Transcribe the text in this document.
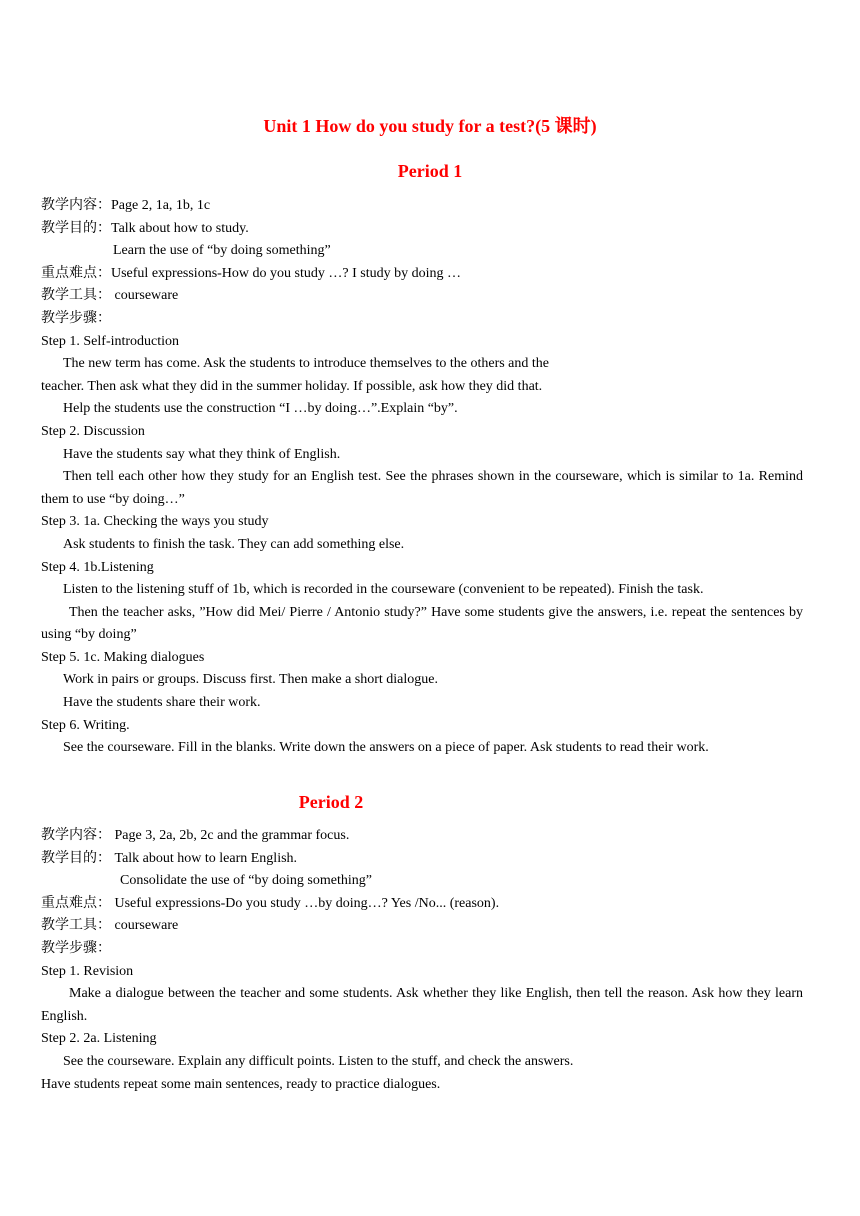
Unit 1 How do you study for a test?(5 课时)
Period 1

教学内容：Page 2, 1a, 1b, 1c

教学目的：Talk about how to study.

Learn the use of “by doing something”

重点难点：Useful expressions-How do you study …? I study by doing …

教学工具： courseware

教学步骤：

Step 1. Self-introduction

The new term has come. Ask the students to introduce themselves to the others and the

teacher. Then ask what they did in the summer holiday. If possible, ask how they did that.

Help the students use the construction “I …by doing…”.Explain “by”.

Step 2. Discussion

Have the students say what they think of English.

Then tell each other how they study for an English test. See the phrases shown in the courseware, which is similar to 1a. Remind them to use “by doing…”

Step 3. 1a. Checking the ways you study

Ask students to finish the task. They can add something else.

Step 4. 1b.Listening

Listen to the listening stuff of 1b, which is recorded in the courseware (convenient to be repeated). Finish the task.

Then the teacher asks, ”How did Mei/ Pierre / Antonio study?” Have some students give the answers, i.e. repeat the sentences by using “by doing”

Step 5. 1c. Making dialogues

Work in pairs or groups. Discuss first. Then make a short dialogue.

Have the students share their work.

Step 6. Writing.

See the courseware. Fill in the blanks. Write down the answers on a piece of paper. Ask students to read their work.

Period 2

教学内容： Page 3, 2a, 2b, 2c and the grammar focus.

教学目的： Talk about how to learn English.

Consolidate the use of “by doing something”

重点难点： Useful expressions-Do you study …by doing…? Yes /No... (reason).

教学工具： courseware

教学步骤：

Step 1. Revision

Make a dialogue between the teacher and some students. Ask whether they like English, then tell the reason. Ask how they learn English.

Step 2. 2a. Listening

See the courseware. Explain any difficult points. Listen to the stuff, and check the answers.

Have students repeat some main sentences, ready to practice dialogues.
